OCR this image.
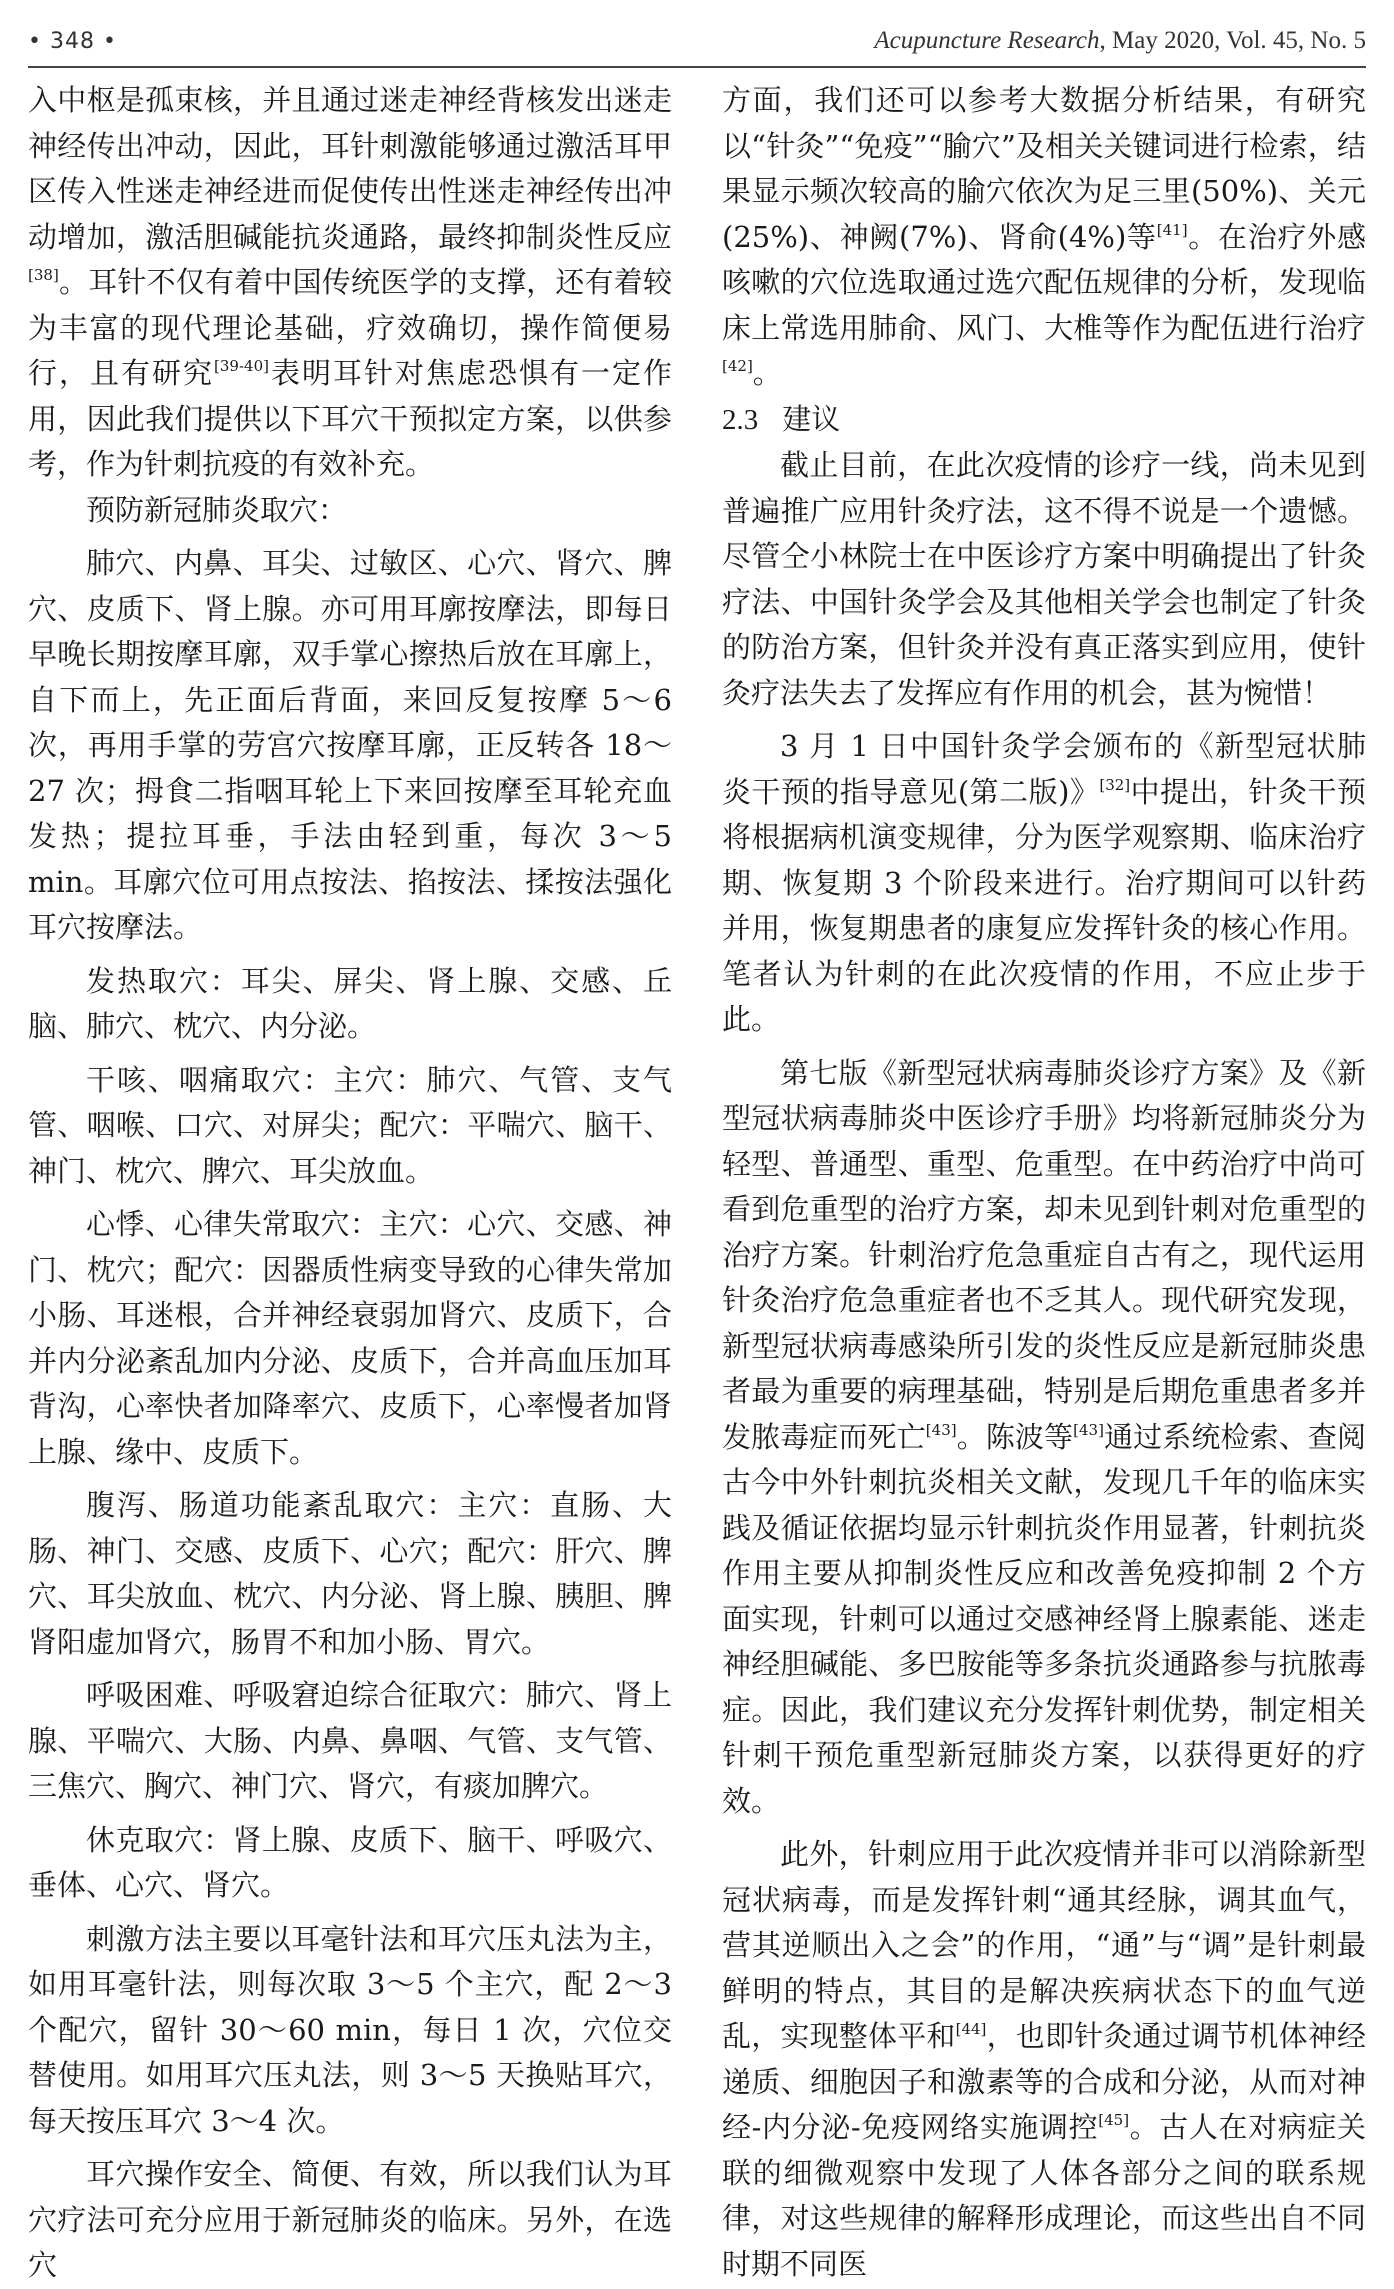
• 348 •	Acupuncture Research, May 2020, Vol. 45, No. 5

入中枢是孤束核，并且通过迷走神经背核发出迷走神经传出冲动，因此，耳针刺激能够通过激活耳甲区传入性迷走神经进而促使传出性迷走神经传出冲动增加，激活胆碱能抗炎通路，最终抑制炎性反应[38]。耳针不仅有着中国传统医学的支撑，还有着较为丰富的现代理论基础，疗效确切，操作简便易行，且有研究[39-40]表明耳针对焦虑恐惧有一定作用，因此我们提供以下耳穴干预拟定方案，以供参考，作为针刺抗疫的有效补充。

预防新冠肺炎取穴：

肺穴、内鼻、耳尖、过敏区、心穴、肾穴、脾穴、皮质下、肾上腺。亦可用耳廓按摩法，即每日早晚长期按摩耳廓，双手掌心擦热后放在耳廓上，自下而上，先正面后背面，来回反复按摩 5～6 次，再用手掌的劳宫穴按摩耳廓，正反转各 18～27 次；拇食二指咽耳轮上下来回按摩至耳轮充血发热；提拉耳垂，手法由轻到重，每次 3～5 min。耳廓穴位可用点按法、掐按法、揉按法强化耳穴按摩法。

发热取穴：耳尖、屏尖、肾上腺、交感、丘脑、肺穴、枕穴、内分泌。

干咳、咽痛取穴：主穴：肺穴、气管、支气管、咽喉、口穴、对屏尖；配穴：平喘穴、脑干、神门、枕穴、脾穴、耳尖放血。

心悸、心律失常取穴：主穴：心穴、交感、神门、枕穴；配穴：因器质性病变导致的心律失常加小肠、耳迷根，合并神经衰弱加肾穴、皮质下，合并内分泌紊乱加内分泌、皮质下，合并高血压加耳背沟，心率快者加降率穴、皮质下，心率慢者加肾上腺、缘中、皮质下。

腹泻、肠道功能紊乱取穴：主穴：直肠、大肠、神门、交感、皮质下、心穴；配穴：肝穴、脾穴、耳尖放血、枕穴、内分泌、肾上腺、胰胆、脾肾阳虚加肾穴，肠胃不和加小肠、胃穴。

呼吸困难、呼吸窘迫综合征取穴：肺穴、肾上腺、平喘穴、大肠、内鼻、鼻咽、气管、支气管、三焦穴、胸穴、神门穴、肾穴，有痰加脾穴。

休克取穴：肾上腺、皮质下、脑干、呼吸穴、垂体、心穴、肾穴。

刺激方法主要以耳毫针法和耳穴压丸法为主，如用耳毫针法，则每次取 3～5 个主穴，配 2～3 个配穴，留针 30～60 min，每日 1 次，穴位交替使用。如用耳穴压丸法，则 3～5 天换贴耳穴，每天按压耳穴 3～4 次。

耳穴操作安全、简便、有效，所以我们认为耳穴疗法可充分应用于新冠肺炎的临床。另外，在选穴

方面，我们还可以参考大数据分析结果，有研究以“针灸”“免疫”“腧穴”及相关关键词进行检索，结果显示频次较高的腧穴依次为足三里(50%)、关元(25%)、神阙(7%)、肾俞(4%)等[41]。在治疗外感咳嗽的穴位选取通过选穴配伍规律的分析，发现临床上常选用肺俞、风门、大椎等作为配伍进行治疗[42]。

2.3 建议

截止目前，在此次疫情的诊疗一线，尚未见到普遍推广应用针灸疗法，这不得不说是一个遗憾。尽管仝小林院士在中医诊疗方案中明确提出了针灸疗法、中国针灸学会及其他相关学会也制定了针灸的防治方案，但针灸并没有真正落实到应用，使针灸疗法失去了发挥应有作用的机会，甚为惋惜！

3 月 1 日中国针灸学会颁布的《新型冠状肺炎干预的指导意见(第二版)》[32]中提出，针灸干预将根据病机演变规律，分为医学观察期、临床治疗期、恢复期 3 个阶段来进行。治疗期间可以针药并用，恢复期患者的康复应发挥针灸的核心作用。笔者认为针刺的在此次疫情的作用，不应止步于此。

第七版《新型冠状病毒肺炎诊疗方案》及《新型冠状病毒肺炎中医诊疗手册》均将新冠肺炎分为轻型、普通型、重型、危重型。在中药治疗中尚可看到危重型的治疗方案，却未见到针刺对危重型的治疗方案。针刺治疗危急重症自古有之，现代运用针灸治疗危急重症者也不乏其人。现代研究发现，新型冠状病毒感染所引发的炎性反应是新冠肺炎患者最为重要的病理基础，特别是后期危重患者多并发脓毒症而死亡[43]。陈波等[43]通过系统检索、查阅古今中外针刺抗炎相关文献，发现几千年的临床实践及循证依据均显示针刺抗炎作用显著，针刺抗炎作用主要从抑制炎性反应和改善免疫抑制 2 个方面实现，针刺可以通过交感神经肾上腺素能、迷走神经胆碱能、多巴胺能等多条抗炎通路参与抗脓毒症。因此，我们建议充分发挥针刺优势，制定相关针刺干预危重型新冠肺炎方案，以获得更好的疗效。

此外，针刺应用于此次疫情并非可以消除新型冠状病毒，而是发挥针刺“通其经脉，调其血气，营其逆顺出入之会”的作用，“通”与“调”是针刺最鲜明的特点，其目的是解决疾病状态下的血气逆乱，实现整体平和[44]，也即针灸通过调节机体神经递质、细胞因子和激素等的合成和分泌，从而对神经-内分泌-免疫网络实施调控[45]。古人在对病症关联的细微观察中发现了人体各部分之间的联系规律，对这些规律的解释形成理论，而这些出自不同时期不同医
